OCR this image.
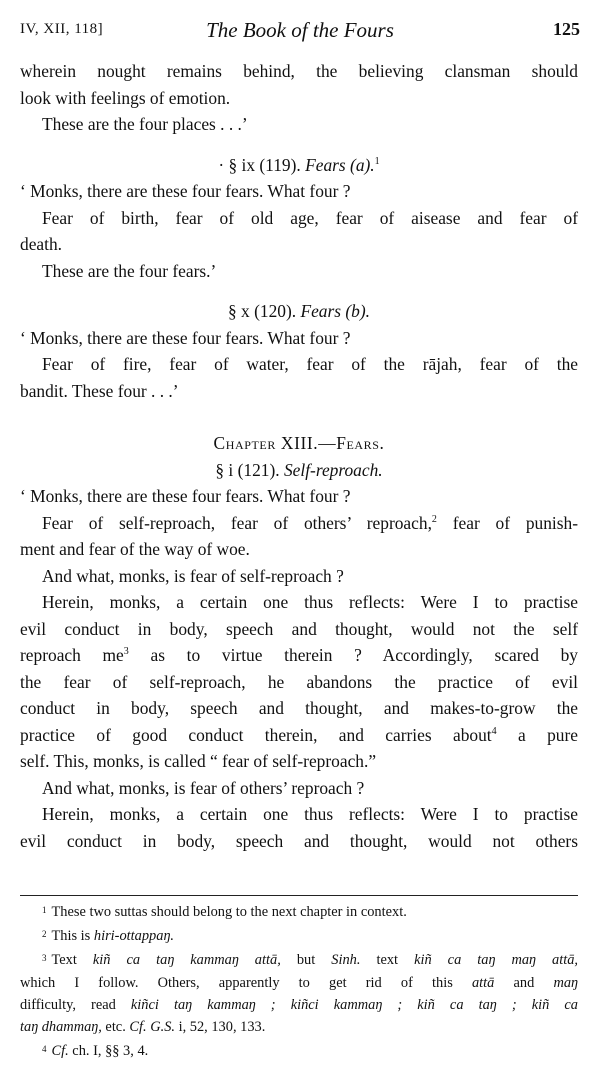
IV, XII, 118]	The Book of the Fours	125

wherein nought remains behind, the believing clansman should

look with feelings of emotion.

These are the four places . . .’

· § ix (119). Fears (a).$^1$

‘ Monks, there are these four fears. What four ?

Fear of birth, fear of old age, fear of aisease and fear of

death.

These are the four fears.’

§ x (120). Fears (b).

‘ Monks, there are these four fears. What four ?

Fear of fire, fear of water, fear of the rājah, fear of the

bandit. These four . . .’

Chapter XIII.—Fears.
§ i (121). Self-reproach.

‘ Monks, there are these four fears. What four ?

Fear of self-reproach, fear of others’ reproach,$^2$ fear of punish-

ment and fear of the way of woe.

And what, monks, is fear of self-reproach ?

Herein, monks, a certain one thus reflects: Were I to practise

evil conduct in body, speech and thought, would not the self

reproach $me^3$ as to virtue therein ? Accordingly, scared by

the fear of self-reproach, he abandons the practice of evil

conduct in body, speech and thought, and makes-to-grow the

practice of good conduct therein, and carries about$^4$ a pure

self. This, monks, is called “ fear of self-reproach.”

And what, monks, is fear of others’ reproach ?

Herein, monks, a certain one thus reflects: Were I to practise

evil conduct in body, speech and thought, would not others

$^1$ These two suttas should belong to the next chapter in context.

$^2$ This is hiri-ottappaŋ.

$^3$ Text kiñ ca taŋ kammaŋ attā, but Sinh. text kiñ ca taŋ maŋ attā,

which I follow. Others, apparently to get rid of this attā and maŋ

difficulty, read kiñci taŋ kammaŋ ; kiñci kammaŋ ; kiñ ca taŋ ; kiñ ca

taŋ dhammaŋ, etc. Cf. G.S. i, 52, 130, 133.

$^4$ Cf. ch. I, §§ 3, 4.
